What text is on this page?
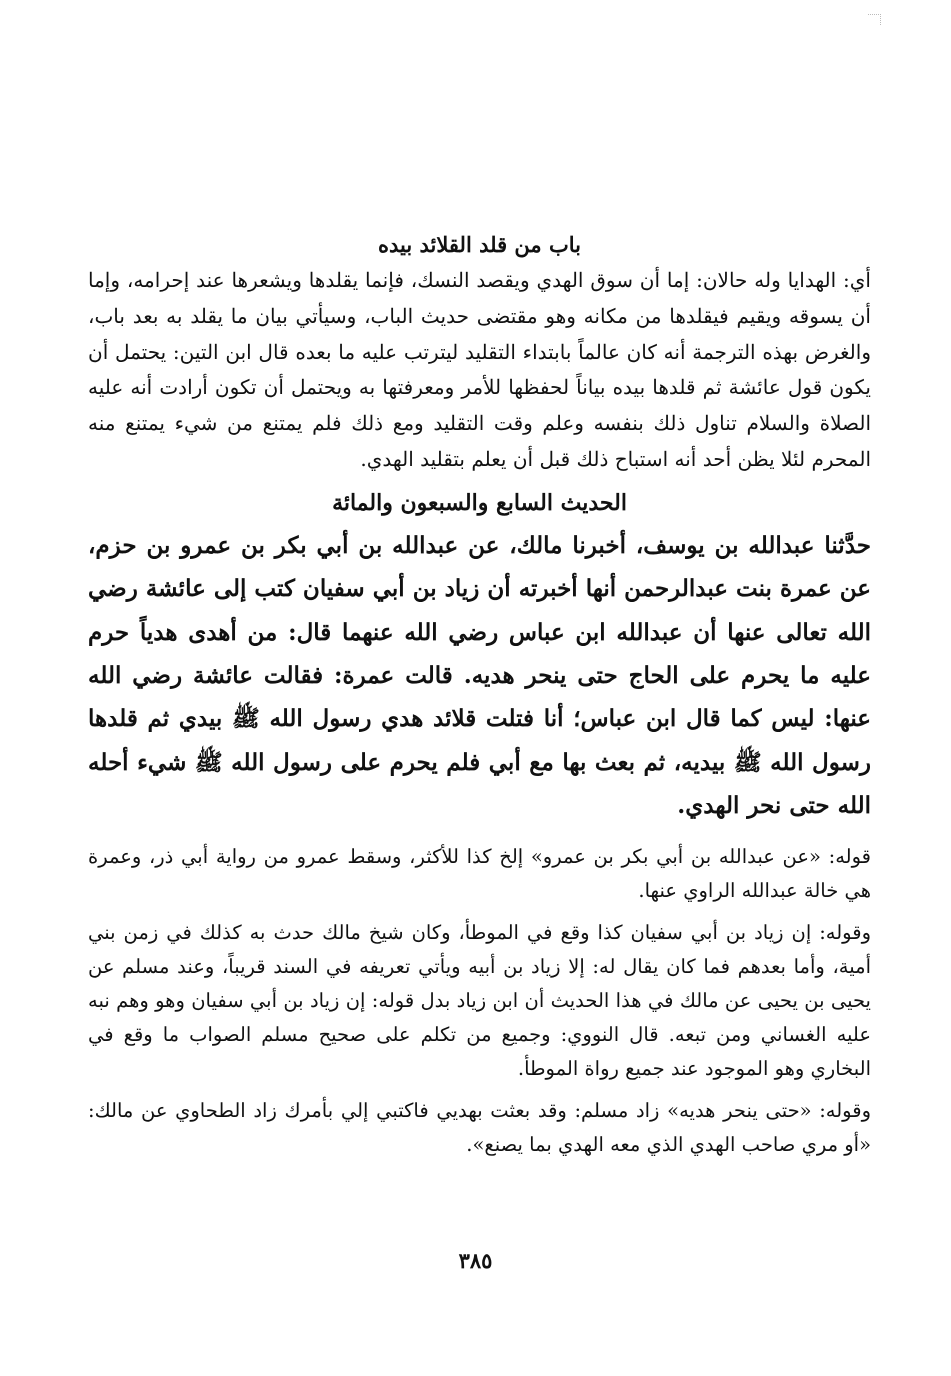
باب من قلد القلائد بيده

أي: الهدايا وله حالان: إما أن سوق الهدي ويقصد النسك، فإنما يقلدها ويشعرها عند إحرامه، وإما أن يسوقه ويقيم فيقلدها من مكانه وهو مقتضى حديث الباب، وسيأتي بيان ما يقلد به بعد باب، والغرض بهذه الترجمة أنه كان عالماً بابتداء التقليد ليترتب عليه ما بعده قال ابن التين: يحتمل أن يكون قول عائشة ثم قلدها بيده بياناً لحفظها للأمر ومعرفتها به ويحتمل أن تكون أرادت أنه عليه الصلاة والسلام تناول ذلك بنفسه وعلم وقت التقليد ومع ذلك فلم يمتنع من شيء يمتنع منه المحرم لئلا يظن أحد أنه استباح ذلك قبل أن يعلم بتقليد الهدي.

الحديث السابع والسبعون والمائة

حدَّثنا عبدالله بن يوسف، أخبرنا مالك، عن عبدالله بن أبي بكر بن عمرو بن حزم، عن عمرة بنت عبدالرحمن أنها أخبرته أن زياد بن أبي سفيان كتب إلى عائشة رضي الله تعالى عنها أن عبدالله ابن عباس رضي الله عنهما قال: من أهدى هدياً حرم عليه ما يحرم على الحاج حتى ينحر هديه. قالت عمرة: فقالت عائشة رضي الله عنها: ليس كما قال ابن عباس؛ أنا فتلت قلائد هدي رسول الله ﷺ بيدي ثم قلدها رسول الله ﷺ بيديه، ثم بعث بها مع أبي فلم يحرم على رسول الله ﷺ شيء أحله الله حتى نحر الهدي.

قوله: «عن عبدالله بن أبي بكر بن عمرو» إلخ كذا للأكثر، وسقط عمرو من رواية أبي ذر، وعمرة هي خالة عبدالله الراوي عنها.

وقوله: إن زياد بن أبي سفيان كذا وقع في الموطأ، وكان شيخ مالك حدث به كذلك في زمن بني أمية، وأما بعدهم فما كان يقال له: إلا زياد بن أبيه ويأتي تعريفه في السند قريباً، وعند مسلم عن يحيى بن يحيى عن مالك في هذا الحديث أن ابن زياد بدل قوله: إن زياد بن أبي سفيان وهو وهم نبه عليه الغساني ومن تبعه. قال النووي: وجميع من تكلم على صحيح مسلم الصواب ما وقع في البخاري وهو الموجود عند جميع رواة الموطأ.

وقوله: «حتى ينحر هديه» زاد مسلم: وقد بعثت بهديي فاكتبي إلي بأمرك زاد الطحاوي عن مالك: «أو مري صاحب الهدي الذي معه الهدي بما يصنع».

٣٨٥
